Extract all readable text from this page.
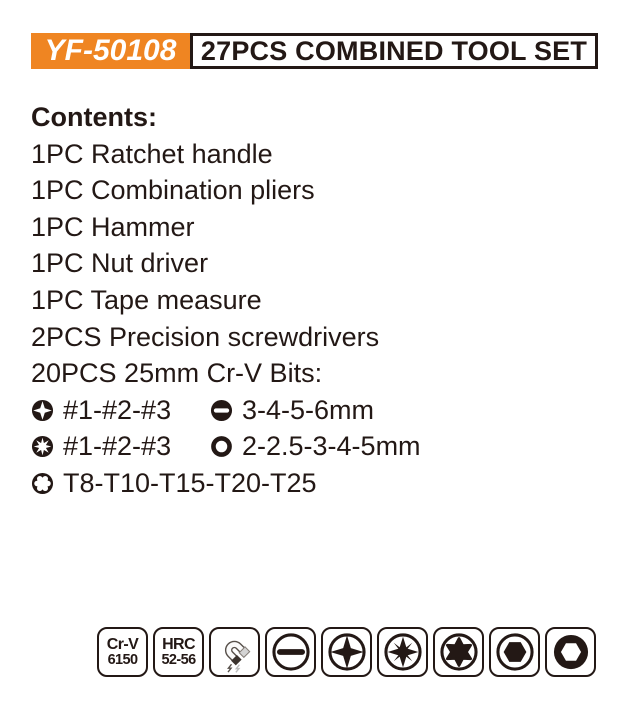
YF-50108 27PCS COMBINED TOOL SET
Contents:
1PC Ratchet handle
1PC Combination pliers
1PC Hammer
1PC Nut driver
1PC Tape measure
2PCS Precision screwdrivers
20PCS 25mm Cr-V Bits:
#1-#2-#3	3-4-5-6mm
#1-#2-#3	2-2.5-3-4-5mm
T8-T10-T15-T20-T25
Cr-V
6150
HRC
52-56
